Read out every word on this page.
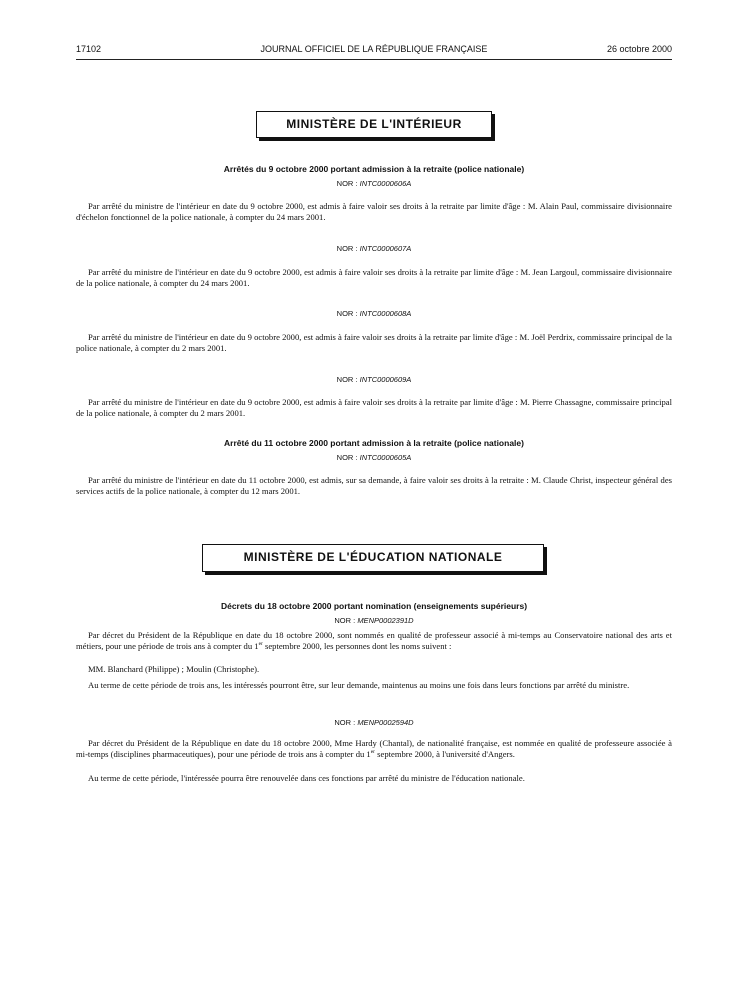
17102	JOURNAL OFFICIEL DE LA RÉPUBLIQUE FRANÇAISE	26 octobre 2000
MINISTÈRE DE L'INTÉRIEUR
Arrêtés du 9 octobre 2000 portant admission à la retraite (police nationale)
NOR : INTC0000606A
Par arrêté du ministre de l'intérieur en date du 9 octobre 2000, est admis à faire valoir ses droits à la retraite par limite d'âge : M. Alain Paul, commissaire divisionnaire d'échelon fonctionnel de la police nationale, à compter du 24 mars 2001.
NOR : INTC0000607A
Par arrêté du ministre de l'intérieur en date du 9 octobre 2000, est admis à faire valoir ses droits à la retraite par limite d'âge : M. Jean Largoul, commissaire divisionnaire de la police nationale, à compter du 24 mars 2001.
NOR : INTC0000608A
Par arrêté du ministre de l'intérieur en date du 9 octobre 2000, est admis à faire valoir ses droits à la retraite par limite d'âge : M. Joël Perdrix, commissaire principal de la police nationale, à compter du 2 mars 2001.
NOR : INTC0000609A
Par arrêté du ministre de l'intérieur en date du 9 octobre 2000, est admis à faire valoir ses droits à la retraite par limite d'âge : M. Pierre Chassagne, commissaire principal de la police nationale, à compter du 2 mars 2001.
Arrêté du 11 octobre 2000 portant admission à la retraite (police nationale)
NOR : INTC0000605A
Par arrêté du ministre de l'intérieur en date du 11 octobre 2000, est admis, sur sa demande, à faire valoir ses droits à la retraite : M. Claude Christ, inspecteur général des services actifs de la police nationale, à compter du 12 mars 2001.
MINISTÈRE DE L'ÉDUCATION NATIONALE
Décrets du 18 octobre 2000 portant nomination (enseignements supérieurs)
NOR : MENP0002391D
Par décret du Président de la République en date du 18 octobre 2000, sont nommés en qualité de professeur associé à mi-temps au Conservatoire national des arts et métiers, pour une période de trois ans à compter du 1er septembre 2000, les personnes dont les noms suivent :
MM. Blanchard (Philippe) ; Moulin (Christophe).
Au terme de cette période de trois ans, les intéressés pourront être, sur leur demande, maintenus au moins une fois dans leurs fonctions par arrêté du ministre.
NOR : MENP0002594D
Par décret du Président de la République en date du 18 octobre 2000, Mme Hardy (Chantal), de nationalité française, est nommée en qualité de professeure associée à mi-temps (disciplines pharmaceutiques), pour une période de trois ans à compter du 1er septembre 2000, à l'université d'Angers.
Au terme de cette période, l'intéressée pourra être renouvelée dans ces fonctions par arrêté du ministre de l'éducation nationale.
